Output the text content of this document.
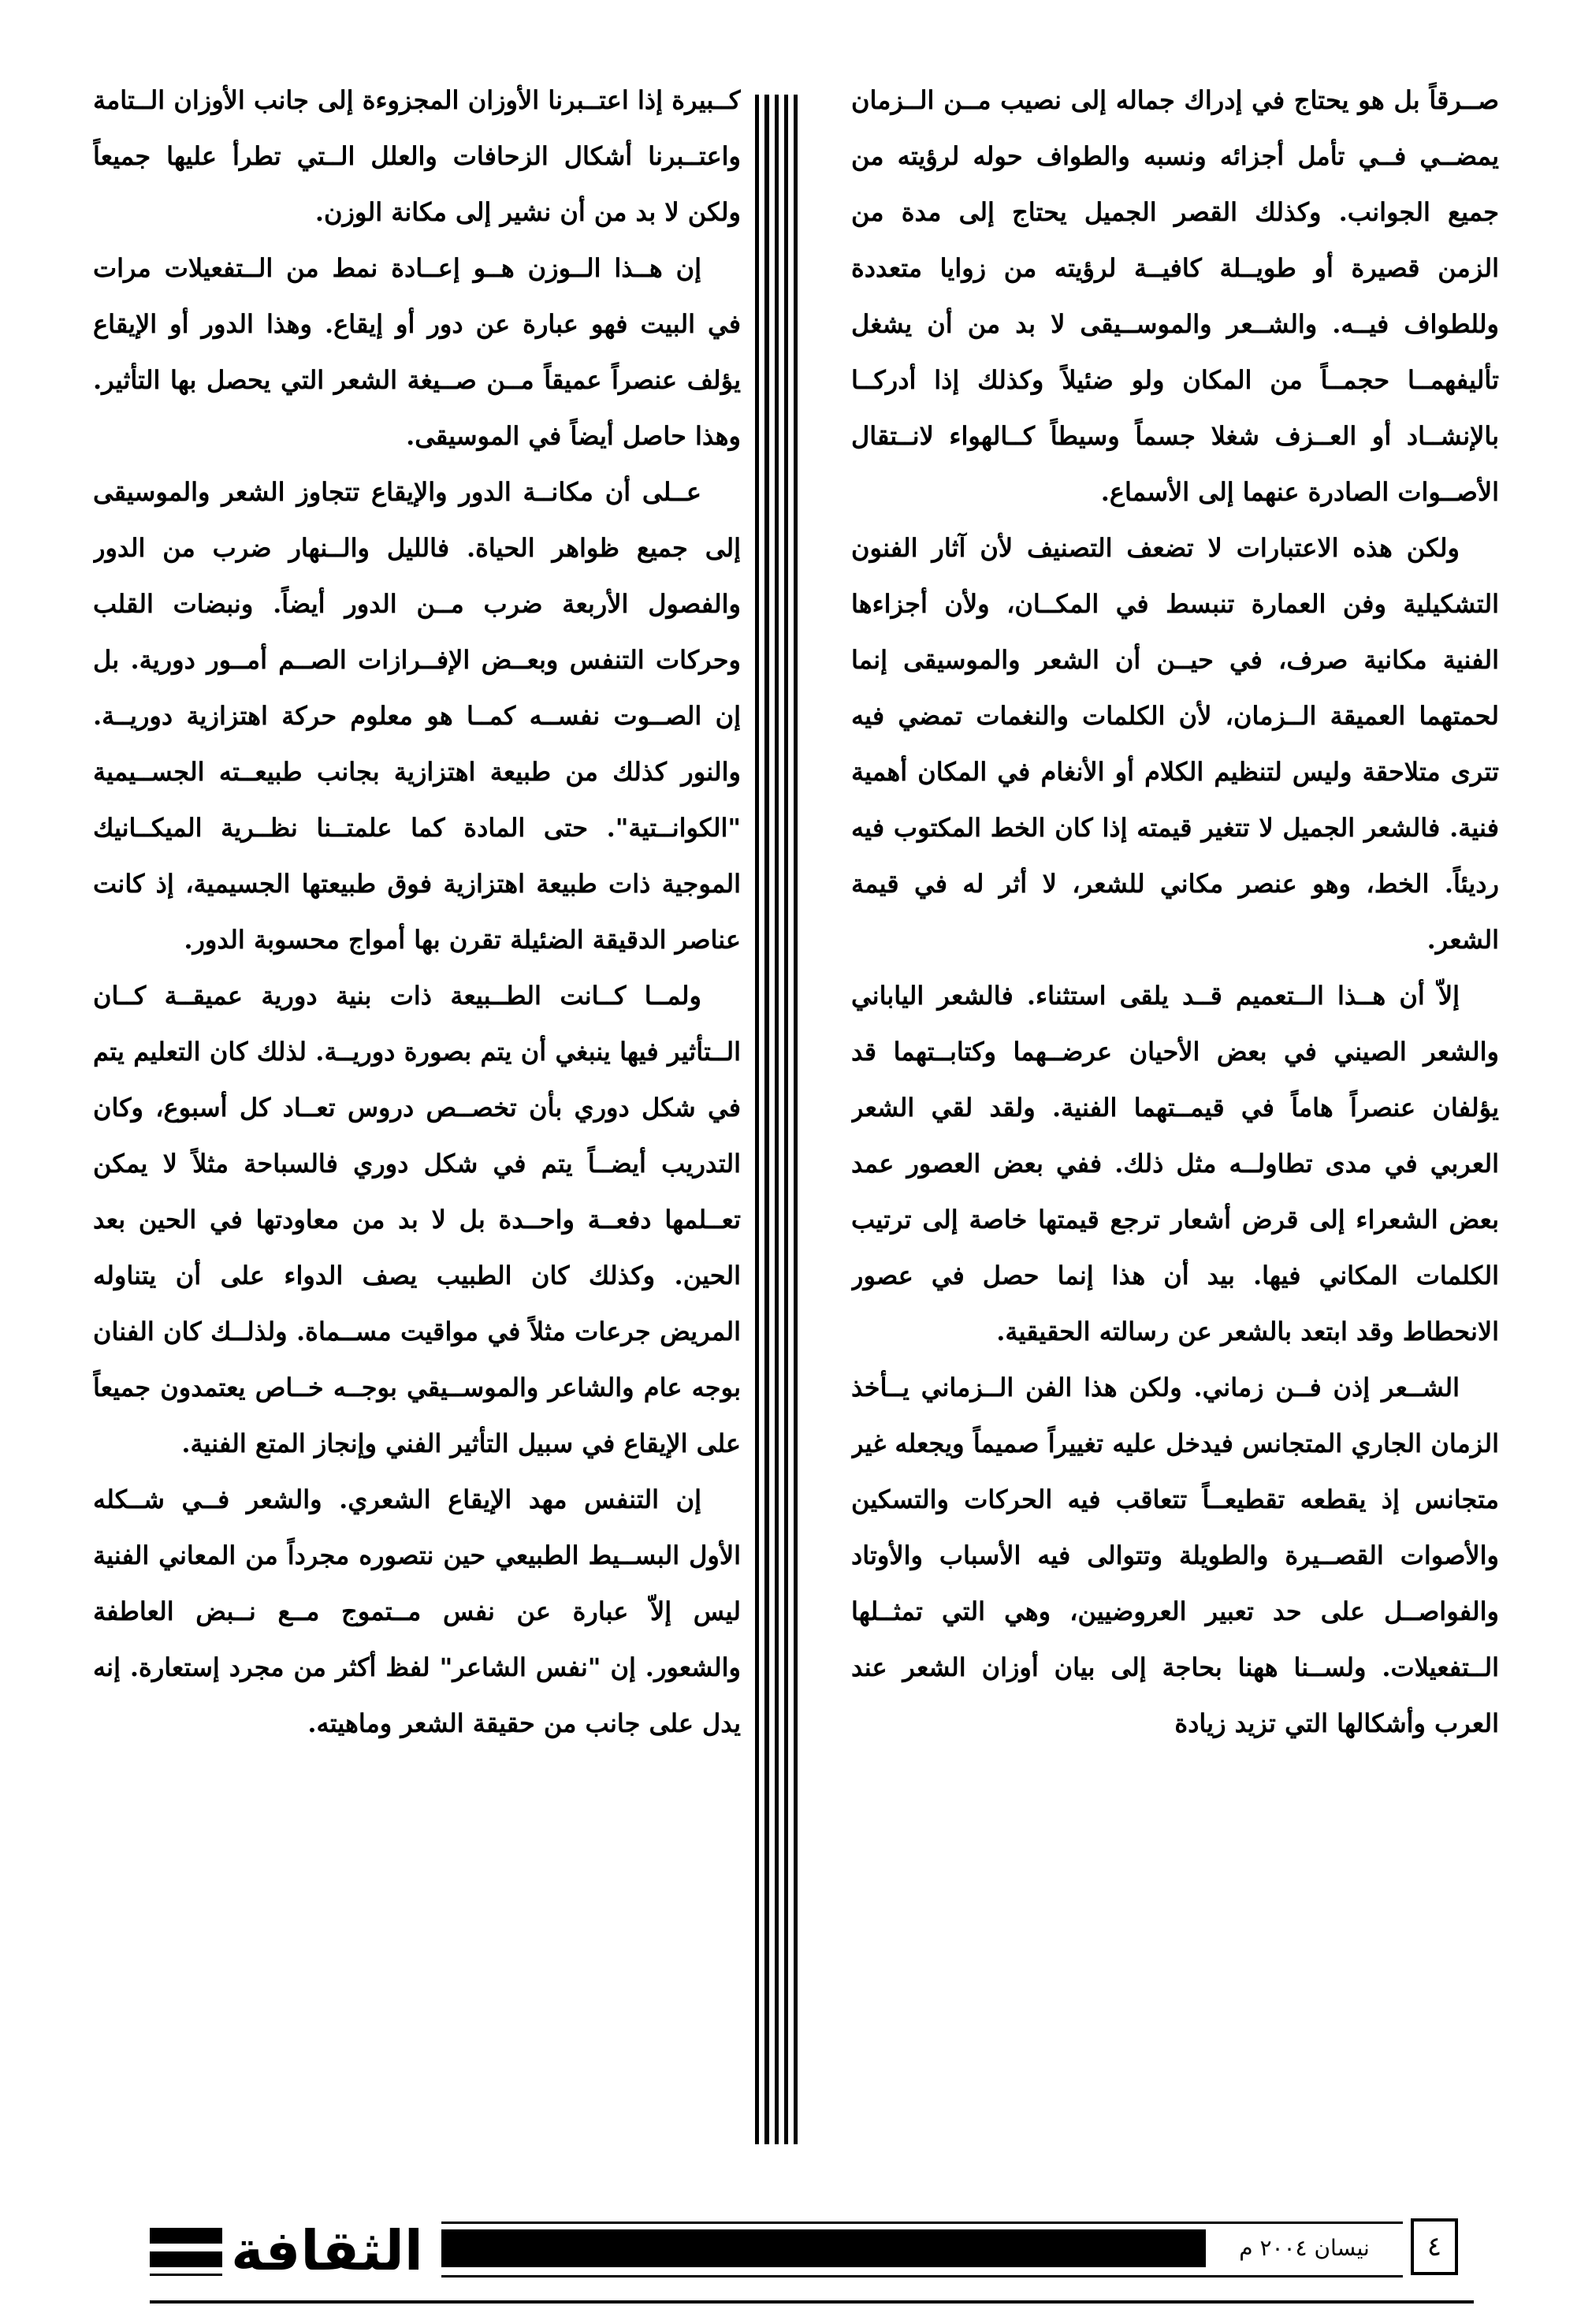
صــرقاً بل هو يحتاج في إدراك جماله إلى نصيب مــن الــزمان يمضــي فــي تأمل أجزائه ونسبه والطواف حوله لرؤيته من جميع الجوانب. وكذلك القصر الجميل يحتاج إلى مدة من الزمن قصيرة أو طويــلة كافيــة لرؤيته من زوايا متعددة وللطواف فيــه. والشــعر والموســيقى لا بد من أن يشغل تأليفهمــا حجمــاً من المكان ولو ضئيلاً وكذلك إذا أدركــا بالإنشــاد أو العــزف شغلا جسماً وسيطاً كــالهواء لانــتقال الأصــوات الصادرة عنهما إلى الأسماع.

ولكن هذه الاعتبارات لا تضعف التصنيف لأن آثار الفنون التشكيلية وفن العمارة تنبسط في المكــان، ولأن أجزاءها الفنية مكانية صرف، في حيــن أن الشعر والموسيقى إنما لحمتهما العميقة الــزمان، لأن الكلمات والنغمات تمضي فيه تترى متلاحقة وليس لتنظيم الكلام أو الأنغام في المكان أهمية فنية. فالشعر الجميل لا تتغير قيمته إذا كان الخط المكتوب فيه رديئاً. الخط، وهو عنصر مكاني للشعر، لا أثر له في قيمة الشعر.

إلاّ أن هــذا الــتعميم قــد يلقى استثناء. فالشعر الياباني والشعر الصيني في بعض الأحيان عرضــهما وكتابــتهما قد يؤلفان عنصراً هاماً في قيمــتهما الفنية. ولقد لقي الشعر العربي في مدى تطاولــه مثل ذلك. ففي بعض العصور عمد بعض الشعراء إلى قرض أشعار ترجع قيمتها خاصة إلى ترتيب الكلمات المكاني فيها. بيد أن هذا إنما حصل في عصور الانحطاط وقد ابتعد بالشعر عن رسالته الحقيقية.

الشــعر إذن فــن زماني. ولكن هذا الفن الــزماني يــأخذ الزمان الجاري المتجانس فيدخل عليه تغييراً صميماً ويجعله غير متجانس إذ يقطعه تقطيعــاً تتعاقب فيه الحركات والتسكين والأصوات القصــيرة والطويلة وتتوالى فيه الأسباب والأوتاد والفواصــل على حد تعبير العروضيين، وهي التي تمثــلها الــتفعيلات. ولســنا ههنا بحاجة إلى بيان أوزان الشعر عند العرب وأشكالها التي تزيد زيادة

كــبيرة إذا اعتــبرنا الأوزان المجزوءة إلى جانب الأوزان الــتامة واعتــبرنا أشكال الزحافات والعلل الــتي تطرأ عليها جميعاً ولكن لا بد من أن نشير إلى مكانة الوزن.

إن هــذا الــوزن هــو إعــادة نمط من الــتفعيلات مرات في البيت فهو عبارة عن دور أو إيقاع. وهذا الدور أو الإيقاع يؤلف عنصراً عميقاً مــن صــيغة الشعر التي يحصل بها التأثير. وهذا حاصل أيضاً في الموسيقى.

عــلى أن مكانــة الدور والإيقاع تتجاوز الشعر والموسيقى إلى جميع ظواهر الحياة. فالليل والــنهار ضرب من الدور والفصول الأربعة ضرب مــن الدور أيضاً. ونبضات القلب وحركات التنفس وبعــض الإفــرازات الصــم أمــور دورية. بل إن الصــوت نفســه كمــا هو معلوم حركة اهتزازية دوريــة. والنور كذلك من طبيعة اهتزازية بجانب طبيعــته الجســيمية "الكوانــتية". حتى المادة كما علمتــنا نظــرية الميكــانيك الموجية ذات طبيعة اهتزازية فوق طبيعتها الجسيمية، إذ كانت عناصر الدقيقة الضئيلة تقرن بها أمواج محسوبة الدور.

ولمــا كــانت الطــبيعة ذات بنية دورية عميقــة كــان الــتأثير فيها ينبغي أن يتم بصورة دوريــة. لذلك كان التعليم يتم في شكل دوري بأن تخصــص دروس تعــاد كل أسبوع، وكان التدريب أيضــاً يتم في شكل دوري فالسباحة مثلاً لا يمكن تعــلمها دفعــة واحــدة بل لا بد من معاودتها في الحين بعد الحين. وكذلك كان الطبيب يصف الدواء على أن يتناوله المريض جرعات مثلاً في مواقيت مســماة. ولذلــك كان الفنان بوجه عام والشاعر والموســيقي بوجــه خــاص يعتمدون جميعاً على الإيقاع في سبيل التأثير الفني وإنجاز المتع الفنية.

إن التنفس مهد الإيقاع الشعري. والشعر فــي شــكله الأول البســيط الطبيعي حين نتصوره مجرداً من المعاني الفنية ليس إلاّ عبارة عن نفس مــتموج مــع نــبض العاطفة والشعور. إن "نفس الشاعر" لفظ أكثر من مجرد إستعارة. إنه يدل على جانب من حقيقة الشعر وماهيته.

الثقافة	نيسان ٢٠٠٤ م	٤
